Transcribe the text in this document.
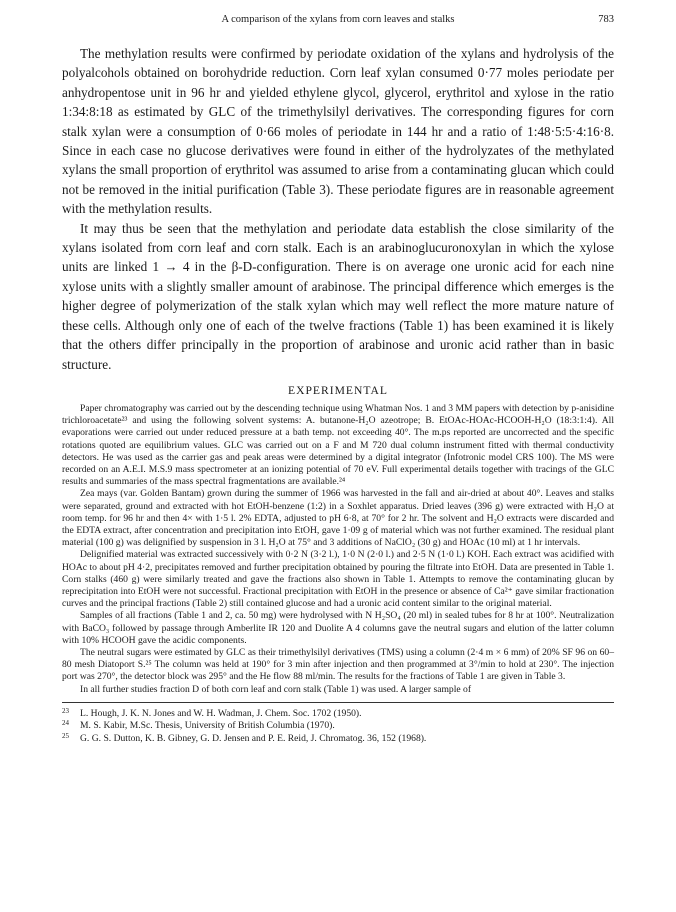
A comparison of the xylans from corn leaves and stalks	783

The methylation results were confirmed by periodate oxidation of the xylans and hydrolysis of the polyalcohols obtained on borohydride reduction. Corn leaf xylan consumed 0·77 moles periodate per anhydropentose unit in 96 hr and yielded ethylene glycol, glycerol, erythritol and xylose in the ratio 1:34:8:18 as estimated by GLC of the trimethylsilyl derivatives. The corresponding figures for corn stalk xylan were a consumption of 0·66 moles of periodate in 144 hr and a ratio of 1:48·5:5·4:16·8. Since in each case no glucose derivatives were found in either of the hydrolyzates of the methylated xylans the small proportion of erythritol was assumed to arise from a contaminating glucan which could not be removed in the initial purification (Table 3). These periodate figures are in reasonable agreement with the methylation results.

It may thus be seen that the methylation and periodate data establish the close similarity of the xylans isolated from corn leaf and corn stalk. Each is an arabinoglucuronoxylan in which the xylose units are linked 1 → 4 in the β-D-configuration. There is on average one uronic acid for each nine xylose units with a slightly smaller amount of arabinose. The principal difference which emerges is the higher degree of polymerization of the stalk xylan which may well reflect the more mature nature of these cells. Although only one of each of the twelve fractions (Table 1) has been examined it is likely that the others differ principally in the proportion of arabinose and uronic acid rather than in basic structure.

EXPERIMENTAL

Paper chromatography was carried out by the descending technique using Whatman Nos. 1 and 3 MM papers with detection by p-anisidine trichloroacetate²³ and using the following solvent systems: A. butanone-H₂O azeotrope; B. EtOAc-HOAc-HCOOH-H₂O (18:3:1:4). All evaporations were carried out under reduced pressure at a bath temp. not exceeding 40°. The m.ps reported are uncorrected and the specific rotations quoted are equilibrium values. GLC was carried out on a F and M 720 dual column instrument fitted with thermal conductivity detectors. He was used as the carrier gas and peak areas were determined by a digital integrator (Infotronic model CRS 100). The MS were recorded on an A.E.I. M.S.9 mass spectrometer at an ionizing potential of 70 eV. Full experimental details together with tracings of the GLC results and summaries of the mass spectral fragmentations are available.²⁴

Zea mays (var. Golden Bantam) grown during the summer of 1966 was harvested in the fall and air-dried at about 40°. Leaves and stalks were separated, ground and extracted with hot EtOH-benzene (1:2) in a Soxhlet apparatus. Dried leaves (396 g) were extracted with H₂O at room temp. for 96 hr and then 4× with 1·5 l. 2% EDTA, adjusted to pH 6·8, at 70° for 2 hr. The solvent and H₂O extracts were discarded and the EDTA extract, after concentration and precipitation into EtOH, gave 1·09 g of material which was not further examined. The residual plant material (100 g) was delignified by suspension in 3 l. H₂O at 75° and 3 additions of NaClO₂ (30 g) and HOAc (10 ml) at 1 hr intervals.

Delignified material was extracted successively with 0·2 N (3·2 l.), 1·0 N (2·0 l.) and 2·5 N (1·0 l.) KOH. Each extract was acidified with HOAc to about pH 4·2, precipitates removed and further precipitation obtained by pouring the filtrate into EtOH. Data are presented in Table 1. Corn stalks (460 g) were similarly treated and gave the fractions also shown in Table 1. Attempts to remove the contaminating glucan by reprecipitation into EtOH were not successful. Fractional precipitation with EtOH in the presence or absence of Ca²⁺ gave similar fractionation curves and the principal fractions (Table 2) still contained glucose and had a uronic acid content similar to the original material.

Samples of all fractions (Table 1 and 2, ca. 50 mg) were hydrolysed with N H₂SO₄ (20 ml) in sealed tubes for 8 hr at 100°. Neutralization with BaCO₃ followed by passage through Amberlite IR 120 and Duolite A 4 columns gave the neutral sugars and elution of the latter column with 10% HCOOH gave the acidic components.

The neutral sugars were estimated by GLC as their trimethylsilyl derivatives (TMS) using a column (2·4 m × 6 mm) of 20% SF 96 on 60–80 mesh Diatoport S.²⁵ The column was held at 190° for 3 min after injection and then programmed at 3°/min to hold at 230°. The injection port was 270°, the detector block was 295° and the He flow 88 ml/min. The results for the fractions of Table 1 are given in Table 3.

In all further studies fraction D of both corn leaf and corn stalk (Table 1) was used. A larger sample of

23 L. Hough, J. K. N. Jones and W. H. Wadman, J. Chem. Soc. 1702 (1950).

24 M. S. Kabir, M.Sc. Thesis, University of British Columbia (1970).

25 G. G. S. Dutton, K. B. Gibney, G. D. Jensen and P. E. Reid, J. Chromatog. 36, 152 (1968).
